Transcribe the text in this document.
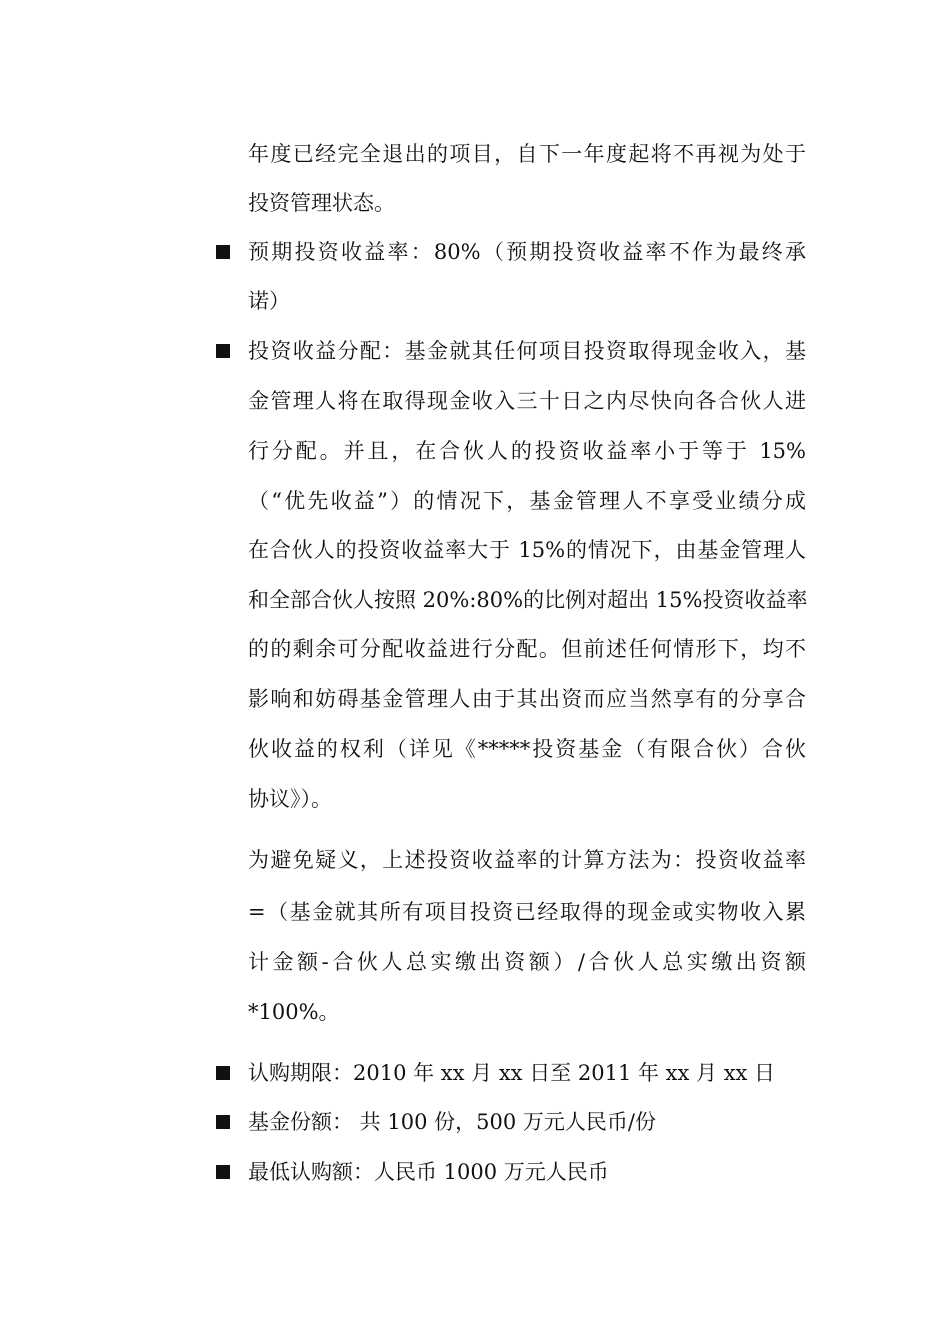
年度已经完全退出的项目，自下一年度起将不再视为处于
投资管理状态。
预期投资收益率：80%（预期投资收益率不作为最终承
诺）
投资收益分配：基金就其任何项目投资取得现金收入，基
金管理人将在取得现金收入三十日之内尽快向各合伙人进
行分配。并且，在合伙人的投资收益率小于等于 15%
（“优先收益”）的情况下，基金管理人不享受业绩分成
在合伙人的投资收益率大于 15%的情况下，由基金管理人
和全部合伙人按照 20%:80%的比例对超出 15%投资收益率
的的剩余可分配收益进行分配。但前述任何情形下，均不
影响和妨碍基金管理人由于其出资而应当然享有的分享合
伙收益的权利（详见《*****投资基金（有限合伙）合伙
协议》）。
为避免疑义，上述投资收益率的计算方法为：投资收益率
=（基金就其所有项目投资已经取得的现金或实物收入累
计金额-合伙人总实缴出资额）/合伙人总实缴出资额
*100%。
认购期限：2010 年 xx 月 xx 日至 2011 年 xx 月 xx 日
基金份额： 共 100 份，500 万元人民币/份
最低认购额：人民币 1000 万元人民币
